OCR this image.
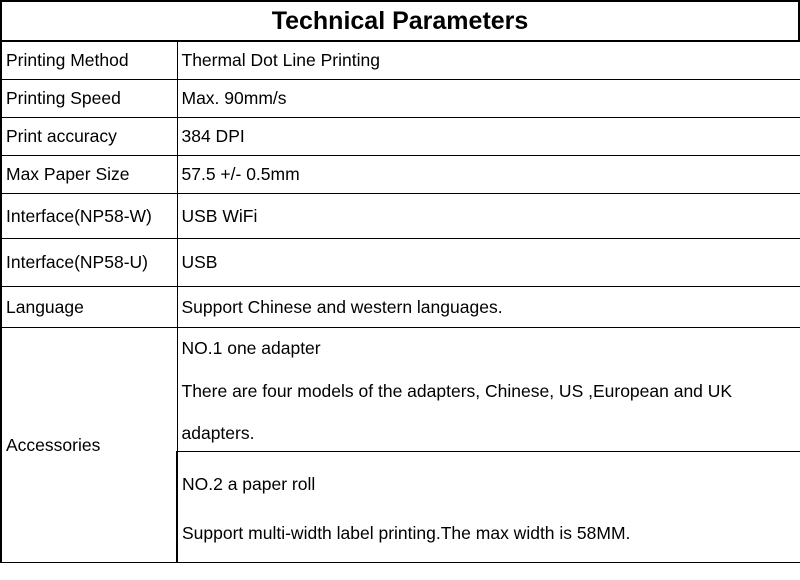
Technical Parameters
Printing Method	Thermal Dot Line Printing
Printing Speed	Max. 90mm/s
Print accuracy	384 DPI
Max Paper Size	57.5 +/- 0.5mm
Interface(NP58-W)	USB WiFi
Interface(NP58-U)	USB
Language	Support Chinese and western languages.
Accessories	NO.1 one adapter
There are four models of the adapters, Chinese, US ,European and UK
adapters.

	NO.2 a paper roll
Support multi-width label printing.The max width is 58MM.
